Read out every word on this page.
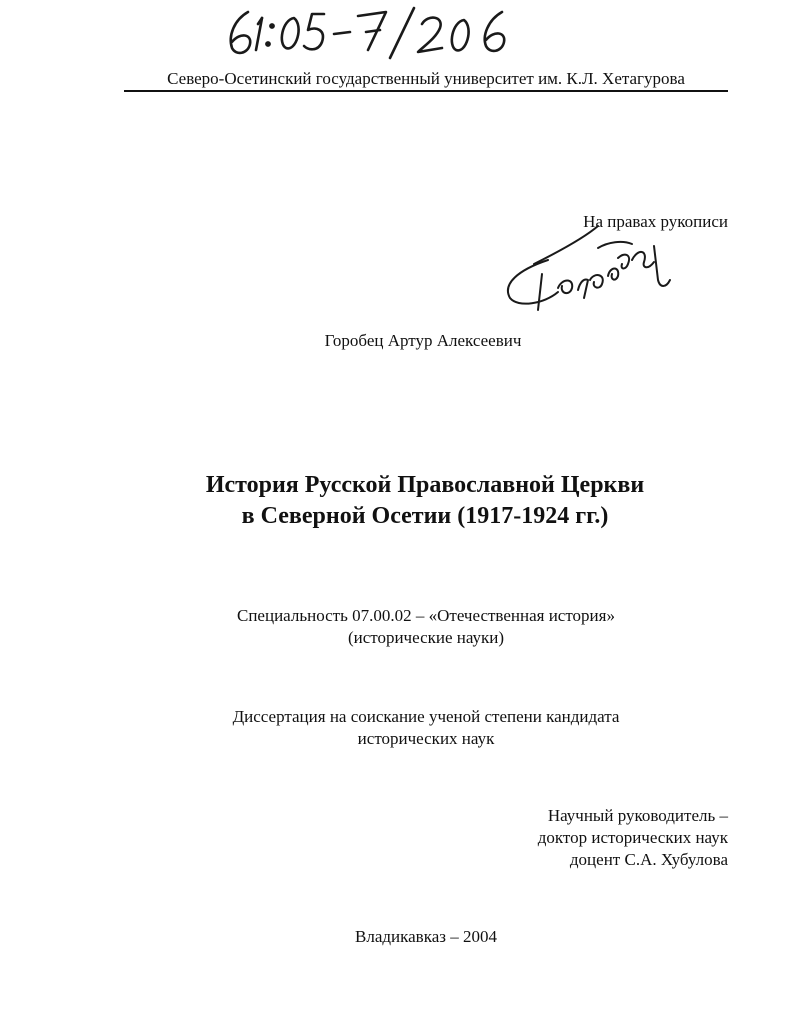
Северо-Осетинский государственный университет им. К.Л. Хетагурова
На правах рукописи
Горобец Артур Алексеевич
История Русской Православной Церкви
в Северной Осетии (1917-1924 гг.)
Специальность 07.00.02 – «Отечественная история»
(исторические науки)
Диссертация на соискание ученой степени кандидата
исторических наук
Научный руководитель –
доктор исторических наук
доцент С.А. Хубулова
Владикавказ – 2004
